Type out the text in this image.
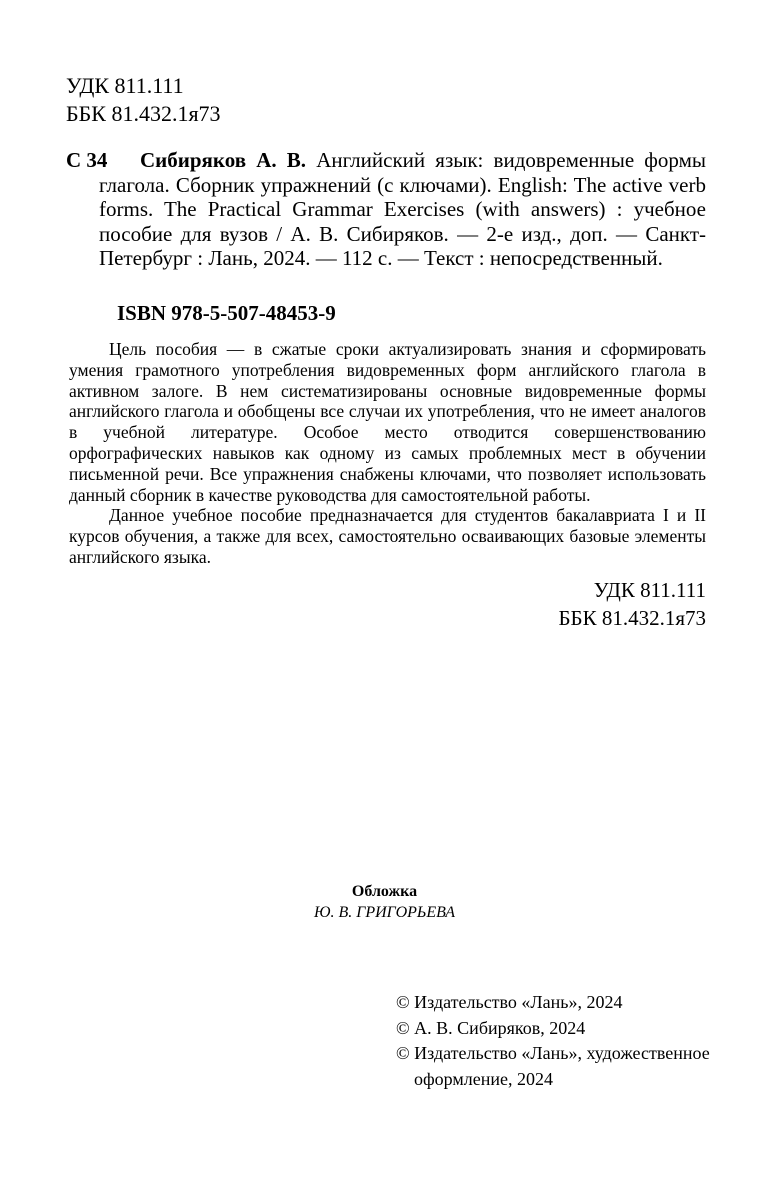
УДК 811.111
ББК 81.432.1я73
С 34	Сибиряков А. В. Английский язык: видовременные формы глагола. Сборник упражнений (с ключами). English: The active verb forms. The Practical Grammar Exercises (with answers) : учебное пособие для вузов / А. В. Сибиряков. — 2-е изд., доп. — Санкт-Петербург : Лань, 2024. — 112 с. — Текст : непосредственный.

ISBN 978-5-507-48453-9

Цель пособия — в сжатые сроки актуализировать знания и сформировать умения грамотного употребления видовременных форм английского глагола в активном залоге. В нем систематизированы основные видовременные формы английского глагола и обобщены все случаи их употребления, что не имеет аналогов в учебной литературе. Особое место отводится совершенствованию орфографических навыков как одному из самых проблемных мест в обучении письменной речи. Все упражнения снабжены ключами, что позволяет использовать данный сборник в качестве руководства для самостоятельной работы.

Данное учебное пособие предназначается для студентов бакалавриата I и II курсов обучения, а также для всех, самостоятельно осваивающих базовые элементы английского языка.

УДК 811.111
ББК 81.432.1я73
Обложка
Ю. В. ГРИГОРЬЕВА
© Издательство «Лань», 2024
© А. В. Сибиряков, 2024
© Издательство «Лань», художественное оформление, 2024
